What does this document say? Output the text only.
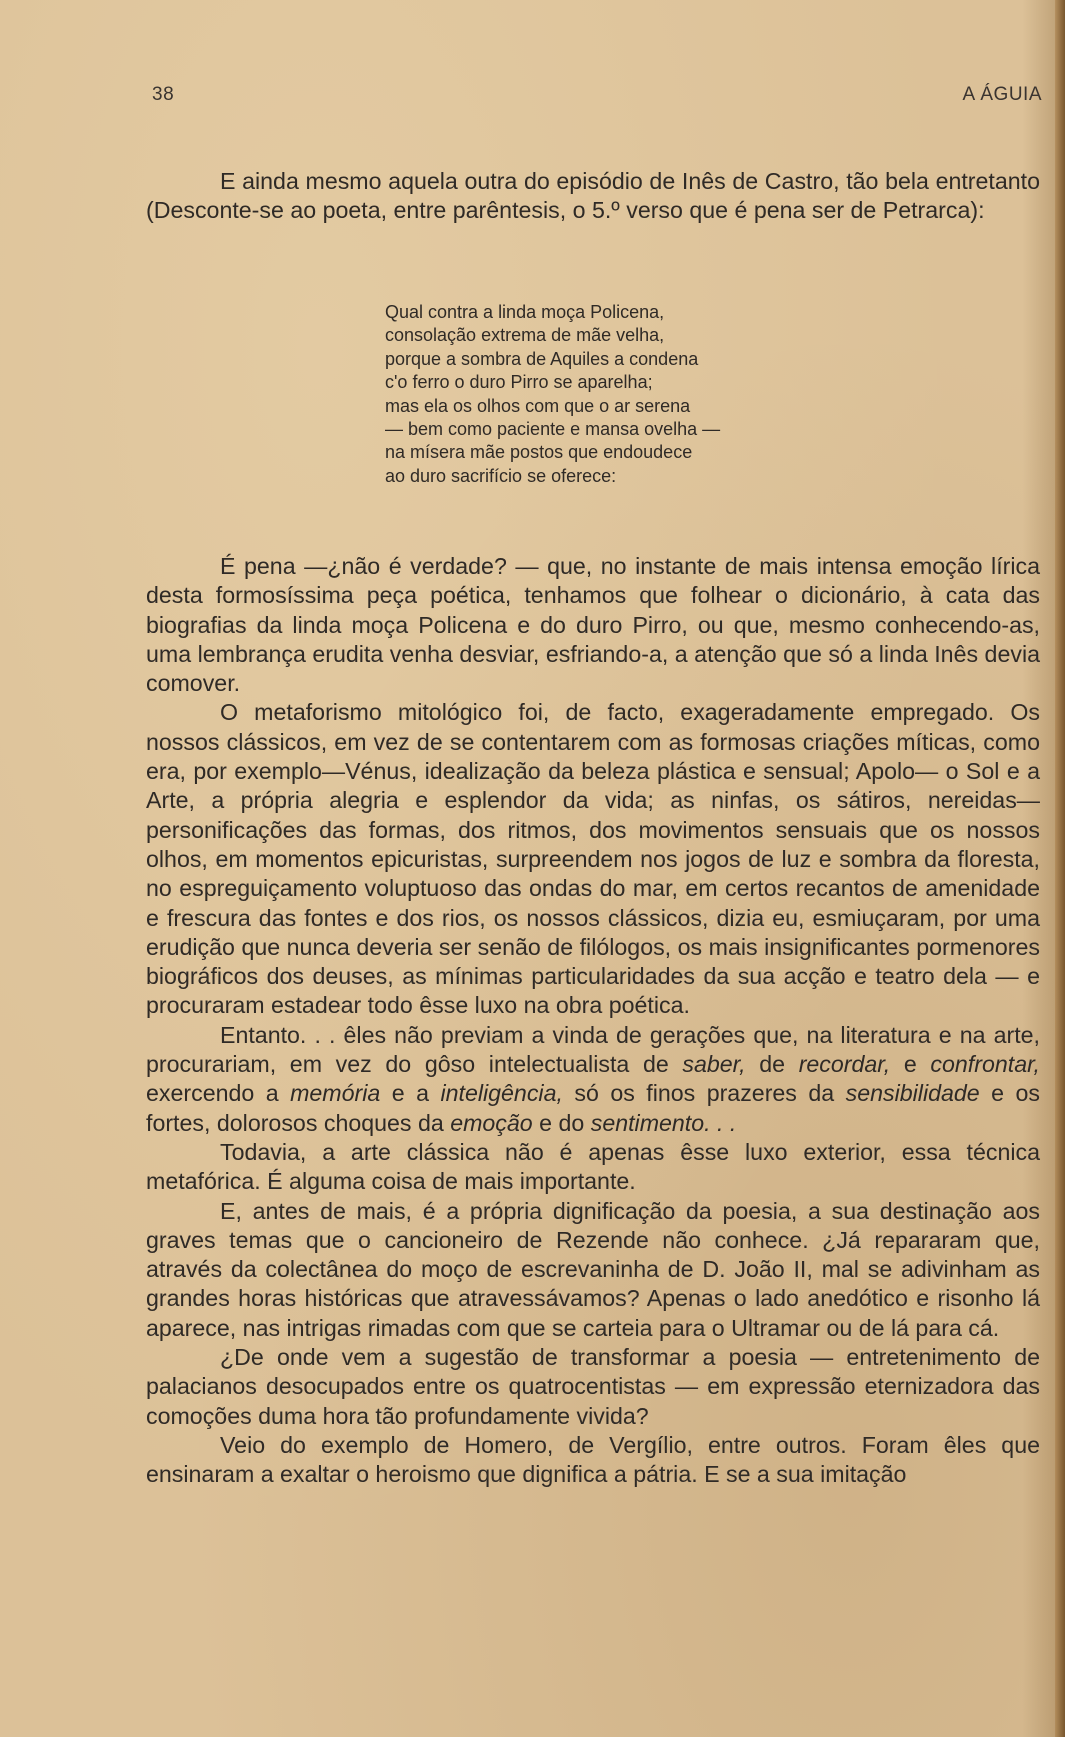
38	A ÁGUIA

E ainda mesmo aquela outra do episódio de Inês de Castro, tão bela entretanto (Desconte-se ao poeta, entre parêntesis, o 5.º verso que é pena ser de Petrarca):

Qual contra a linda moça Policena,
consolação extrema de mãe velha,
porque a sombra de Aquiles a condena
c'o ferro o duro Pirro se aparelha;
mas ela os olhos com que o ar serena
— bem como paciente e mansa ovelha —
na mísera mãe postos que endoudece
ao duro sacrifício se oferece:

É pena —¿não é verdade? — que, no instante de mais intensa emoção lírica desta formosíssima peça poética, tenhamos que folhear o dicionário, à cata das biografias da linda moça Policena e do duro Pirro, ou que, mesmo conhecendo-as, uma lembrança erudita venha desviar, esfriando-a, a atenção que só a linda Inês devia comover.

O metaforismo mitológico foi, de facto, exageradamente empregado. Os nossos clássicos, em vez de se contentarem com as formosas criações míticas, como era, por exemplo—Vénus, idealização da beleza plástica e sensual; Apolo— o Sol e a Arte, a própria alegria e esplendor da vida; as ninfas, os sátiros, nereidas—personificações das formas, dos ritmos, dos movimentos sensuais que os nossos olhos, em momentos epicuristas, surpreendem nos jogos de luz e sombra da floresta, no espreguiçamento voluptuoso das ondas do mar, em certos recantos de amenidade e frescura das fontes e dos rios, os nossos clássicos, dizia eu, esmiuçaram, por uma erudição que nunca deveria ser senão de filólogos, os mais insignificantes pormenores biográficos dos deuses, as mínimas particularidades da sua acção e teatro dela — e procuraram estadear todo êsse luxo na obra poética.

Entanto. . . êles não previam a vinda de gerações que, na literatura e na arte, procurariam, em vez do gôso intelectualista de saber, de recordar, e confrontar, exercendo a memória e a inteligência, só os finos prazeres da sensibilidade e os fortes, dolorosos choques da emoção e do sentimento. . .

Todavia, a arte clássica não é apenas êsse luxo exterior, essa técnica metafórica. É alguma coisa de mais importante.

E, antes de mais, é a própria dignificação da poesia, a sua destinação aos graves temas que o cancioneiro de Rezende não conhece. ¿Já repararam que, através da colectânea do moço de escrevaninha de D. João II, mal se adivinham as grandes horas históricas que atravessávamos? Apenas o lado anedótico e risonho lá aparece, nas intrigas rimadas com que se carteia para o Ultramar ou de lá para cá.

¿De onde vem a sugestão de transformar a poesia — entretenimento de palacianos desocupados entre os quatrocentistas — em expressão eternizadora das comoções duma hora tão profundamente vivida?

Veio do exemplo de Homero, de Vergílio, entre outros. Foram êles que ensinaram a exaltar o heroismo que dignifica a pátria. E se a sua imitação
